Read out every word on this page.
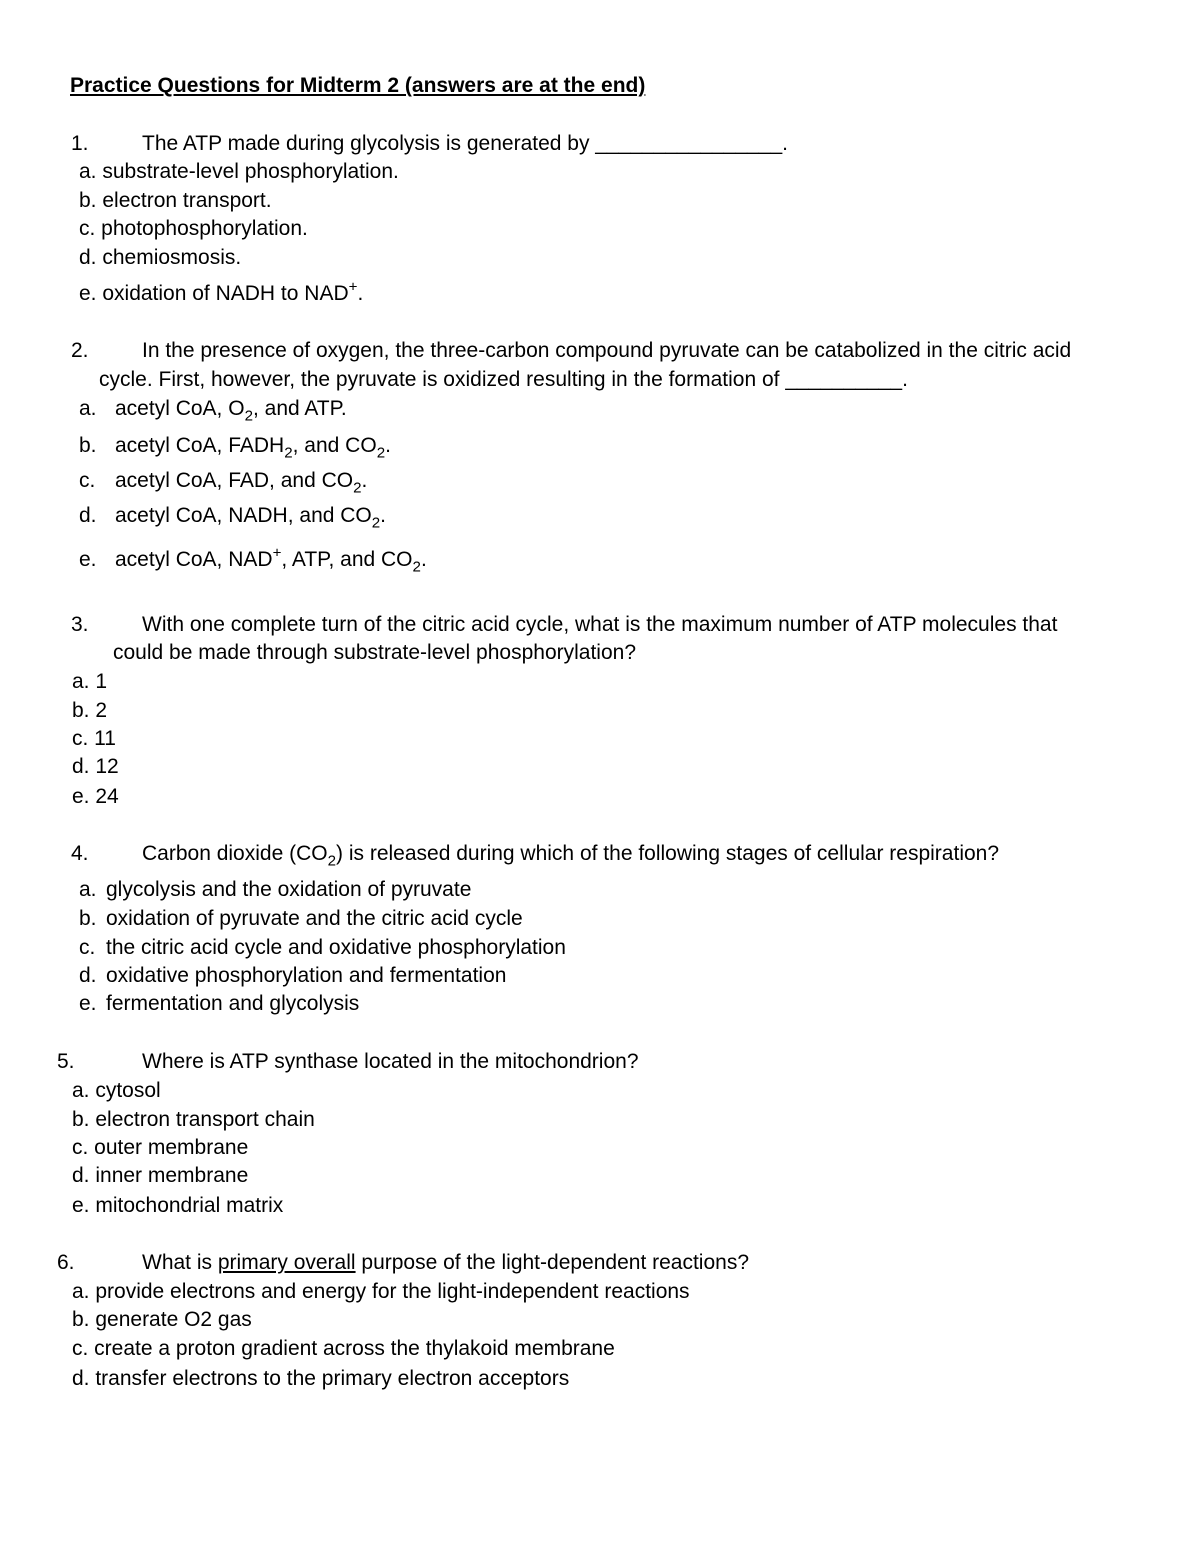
Practice Questions for Midterm 2 (answers are at the end)
1.	The ATP made during glycolysis is generated by ________________.
a. substrate-level phosphorylation.
b. electron transport.
c. photophosphorylation.
d. chemiosmosis.
e. oxidation of NADH to NAD+.
2.	In the presence of oxygen, the three-carbon compound pyruvate can be catabolized in the citric acid
cycle. First, however, the pyruvate is oxidized resulting in the formation of __________.
a. acetyl CoA, $O_2$, and ATP.
b. acetyl CoA, $FADH_2$, and $CO_2$.
c. acetyl CoA, FAD, and $CO_2$.
d. acetyl CoA, NADH, and $CO_2$.
e. acetyl CoA, NAD+, ATP, and $CO_2$.
3.	With one complete turn of the citric acid cycle, what is the maximum number of ATP molecules that
could be made through substrate-level phosphorylation?
a. 1
b. 2
c. 11
d. 12
e. 24
4.	Carbon dioxide $(CO_2)$ is released during which of the following stages of cellular respiration?
a. glycolysis and the oxidation of pyruvate
b. oxidation of pyruvate and the citric acid cycle
c. the citric acid cycle and oxidative phosphorylation
d. oxidative phosphorylation and fermentation
e. fermentation and glycolysis
5.	Where is ATP synthase located in the mitochondrion?
a. cytosol
b. electron transport chain
c. outer membrane
d. inner membrane
e. mitochondrial matrix
6.	What is primary overall purpose of the light-dependent reactions?
a. provide electrons and energy for the light-independent reactions
b. generate O2 gas
c. create a proton gradient across the thylakoid membrane
d. transfer electrons to the primary electron acceptors
